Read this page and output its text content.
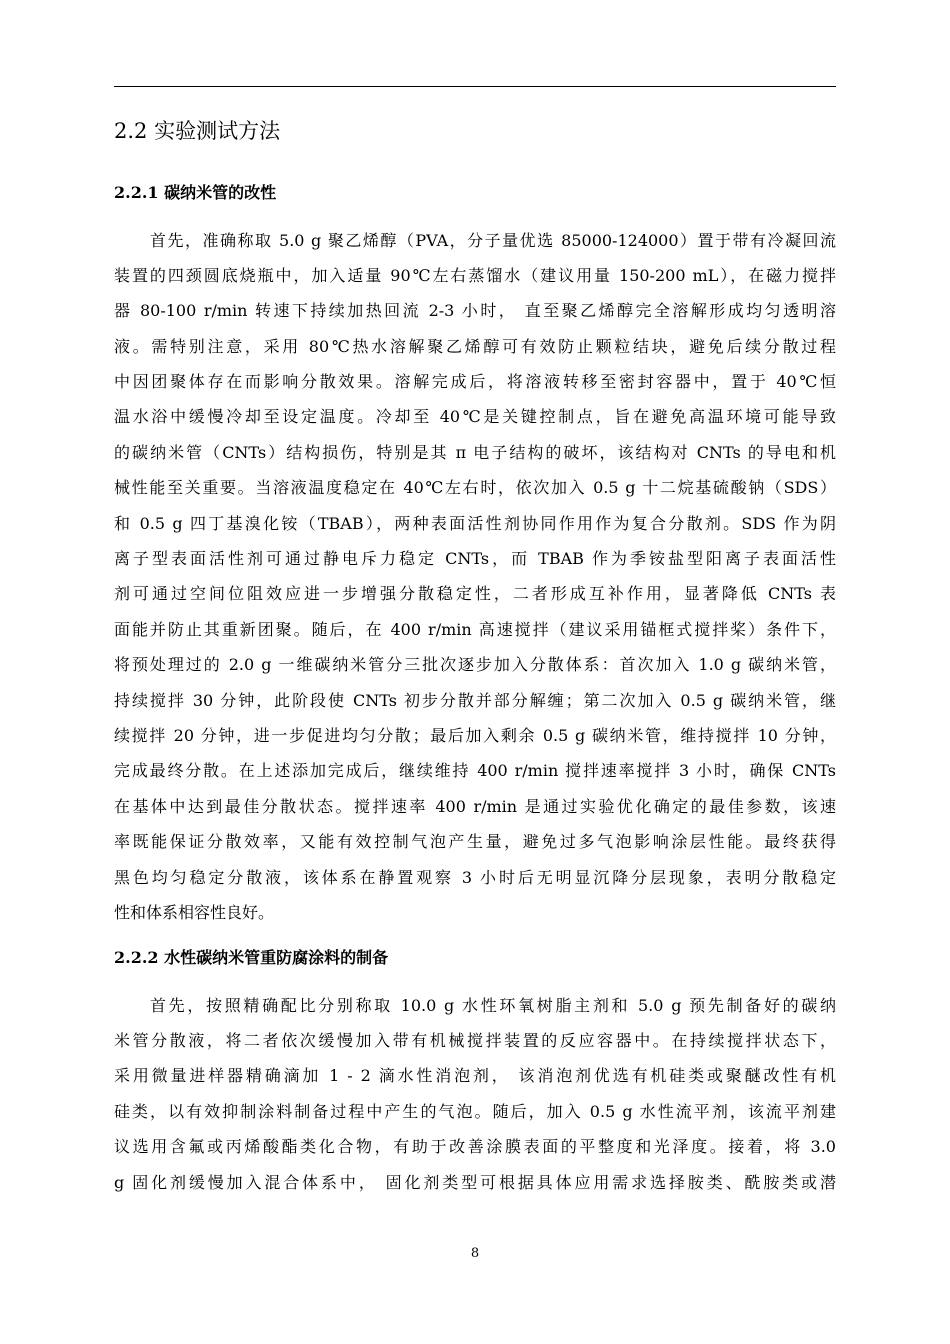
2.2 实验测试方法
2.2.1 碳纳米管的改性
首先，准确称取 5.0 g 聚乙烯醇（PVA，分子量优选 85000-124000）置于带有冷凝回流
装置的四颈圆底烧瓶中，加入适量 90℃左右蒸馏水（建议用量 150-200 mL），在磁力搅拌
器 80-100 r/min 转速下持续加热回流 2-3 小时， 直至聚乙烯醇完全溶解形成均匀透明溶
液。需特别注意，采用 80℃热水溶解聚乙烯醇可有效防止颗粒结块，避免后续分散过程
中因团聚体存在而影响分散效果。溶解完成后，将溶液转移至密封容器中，置于 40℃恒
温水浴中缓慢冷却至设定温度。冷却至 40℃是关键控制点，旨在避免高温环境可能导致
的碳纳米管（CNTs）结构损伤，特别是其 π 电子结构的破坏，该结构对 CNTs 的导电和机
械性能至关重要。当溶液温度稳定在 40℃左右时，依次加入 0.5 g 十二烷基硫酸钠（SDS）
和 0.5 g 四丁基溴化铵（TBAB），两种表面活性剂协同作用作为复合分散剂。SDS 作为阴
离子型表面活性剂可通过静电斥力稳定 CNTs，而 TBAB 作为季铵盐型阳离子表面活性
剂可通过空间位阻效应进一步增强分散稳定性，二者形成互补作用，显著降低 CNTs 表
面能并防止其重新团聚。随后，在 400 r/min 高速搅拌（建议采用锚框式搅拌桨）条件下，
将预处理过的 2.0 g 一维碳纳米管分三批次逐步加入分散体系：首次加入 1.0 g 碳纳米管，
持续搅拌 30 分钟，此阶段使 CNTs 初步分散并部分解缠；第二次加入 0.5 g 碳纳米管，继
续搅拌 20 分钟，进一步促进均匀分散；最后加入剩余 0.5 g 碳纳米管，维持搅拌 10 分钟，
完成最终分散。在上述添加完成后，继续维持 400 r/min 搅拌速率搅拌 3 小时，确保 CNTs
在基体中达到最佳分散状态。搅拌速率 400 r/min 是通过实验优化确定的最佳参数，该速
率既能保证分散效率，又能有效控制气泡产生量，避免过多气泡影响涂层性能。最终获得
黑色均匀稳定分散液，该体系在静置观察 3 小时后无明显沉降分层现象，表明分散稳定
性和体系相容性良好。
2.2.2 水性碳纳米管重防腐涂料的制备
首先，按照精确配比分别称取 10.0 g 水性环氧树脂主剂和 5.0 g 预先制备好的碳纳
米管分散液，将二者依次缓慢加入带有机械搅拌装置的反应容器中。在持续搅拌状态下，
采用微量进样器精确滴加 1 - 2 滴水性消泡剂， 该消泡剂优选有机硅类或聚醚改性有机
硅类，以有效抑制涂料制备过程中产生的气泡。随后，加入 0.5 g 水性流平剂，该流平剂建
议选用含氟或丙烯酸酯类化合物，有助于改善涂膜表面的平整度和光泽度。接着，将 3.0
g 固化剂缓慢加入混合体系中， 固化剂类型可根据具体应用需求选择胺类、酰胺类或潜
8
